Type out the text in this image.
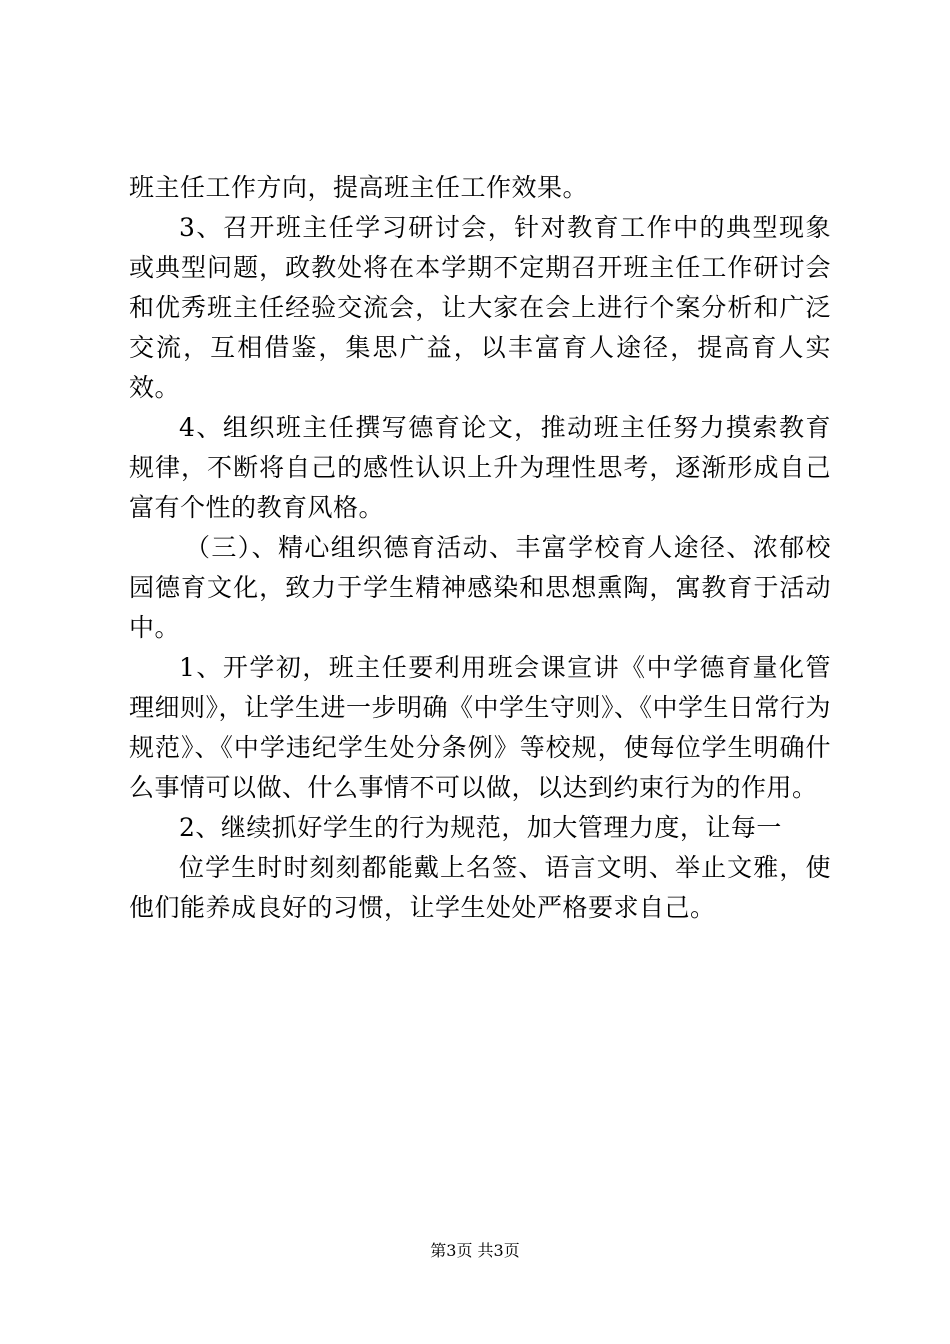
班主任工作方向，提高班主任工作效果。

3、召开班主任学习研讨会，针对教育工作中的典型现象或典型问题，政教处将在本学期不定期召开班主任工作研讨会和优秀班主任经验交流会，让大家在会上进行个案分析和广泛交流，互相借鉴，集思广益，以丰富育人途径，提高育人实效。

4、组织班主任撰写德育论文，推动班主任努力摸索教育规律，不断将自己的感性认识上升为理性思考，逐渐形成自己富有个性的教育风格。

（三）、精心组织德育活动、丰富学校育人途径、浓郁校园德育文化，致力于学生精神感染和思想熏陶，寓教育于活动中。

1、开学初，班主任要利用班会课宣讲《中学德育量化管理细则》，让学生进一步明确《中学生守则》、《中学生日常行为规范》、《中学违纪学生处分条例》等校规，使每位学生明确什么事情可以做、什么事情不可以做，以达到约束行为的作用。

2、继续抓好学生的行为规范，加大管理力度，让每一

位学生时时刻刻都能戴上名签、语言文明、举止文雅，使他们能养成良好的习惯，让学生处处严格要求自己。

第3页 共3页
